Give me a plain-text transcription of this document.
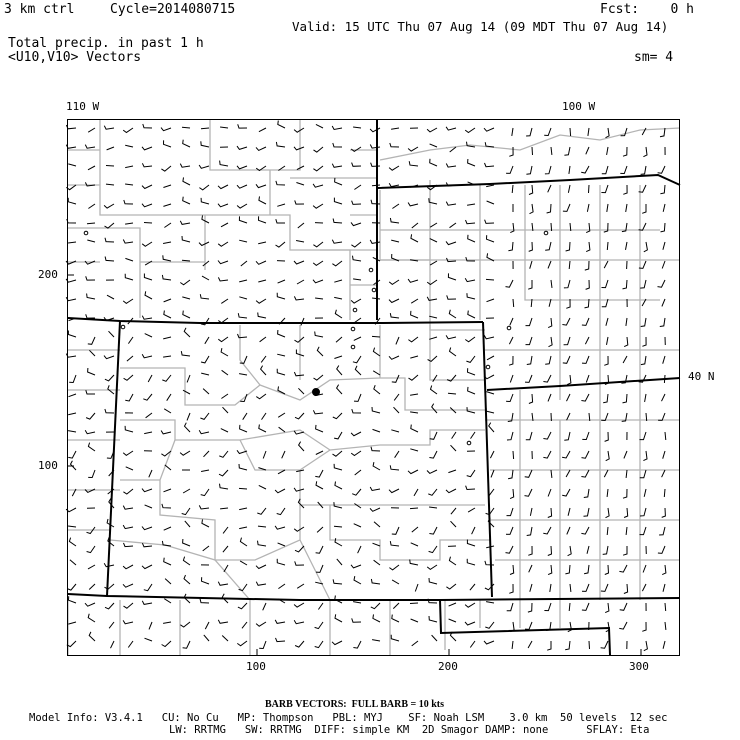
3 km ctrl	Cycle=2014080715	Fcst:    0 h
Valid: 15 UTC Thu 07 Aug 14 (09 MDT Thu 07 Aug 14)
Total precip. in past 1 h
<U10,V10> Vectors	sm= 4
110 W	100 W
40 N
200
100
100	200	300
BARB VECTORS:  FULL BARB = 10 kts
Model Info: V3.4.1   CU: No Cu   MP: Thompson   PBL: MYJ    SF: Noah LSM    3.0 km  50 levels  12 sec
LW: RRTMG   SW: RRTMG  DIFF: simple KM  2D Smagor DAMP: none      SFLAY: Eta
